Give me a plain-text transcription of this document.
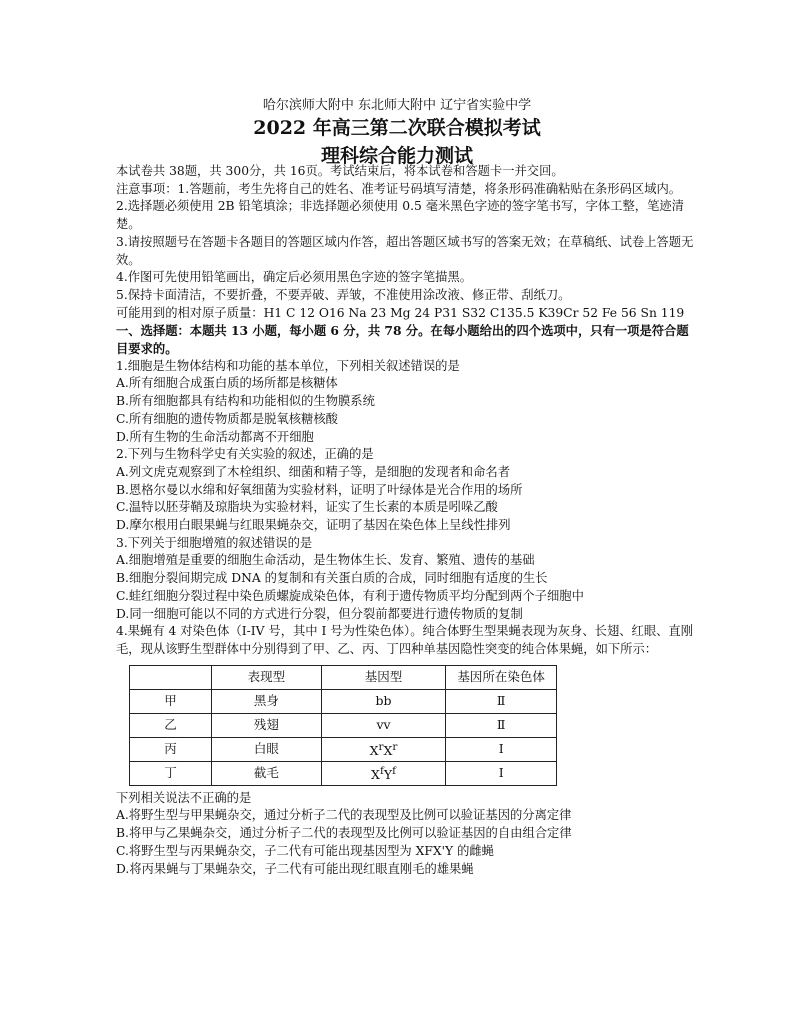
哈尔滨师大附中 东北师大附中 辽宁省实验中学
2022 年高三第二次联合模拟考试
理科综合能力测试

本试卷共 38题，共 300分，共 16页。考试结束后，将本试卷和答题卡一并交回。

注意事项：1.答题前，考生先将自己的姓名、准考证号码填写清楚，将条形码准确粘贴在条形码区域内。

2.选择题必须使用 2B 铅笔填涂；非选择题必须使用 0.5 毫米黑色字迹的签字笔书写，字体工整，笔迹清楚。

3.请按照题号在答题卡各题目的答题区域内作答，超出答题区域书写的答案无效；在草稿纸、试卷上答题无效。

4.作图可先使用铅笔画出，确定后必须用黑色字迹的签字笔描黑。

5.保持卡面清洁，不要折叠，不要弄破、弄皱，不准使用涂改液、修正带、刮纸刀。

可能用到的相对原子质量：H1 C 12 O16 Na 23 Mg 24 P31 S32 C135.5 K39Cr 52 Fe 56 Sn 119

一、选择题：本题共 13 小题，每小题 6 分，共 78 分。在每小题给出的四个选项中，只有一项是符合题目要求的。

1.细胞是生物体结构和功能的基本单位，下列相关叙述错误的是

A.所有细胞合成蛋白质的场所都是核糖体

B.所有细胞都具有结构和功能相似的生物膜系统

C.所有细胞的遗传物质都是脱氧核糖核酸

D.所有生物的生命活动都离不开细胞

2.下列与生物科学史有关实验的叙述，正确的是

A.列文虎克观察到了木栓组织、细菌和精子等，是细胞的发现者和命名者

B.恩格尔曼以水绵和好氧细菌为实验材料，证明了叶绿体是光合作用的场所

C.温特以胚芽鞘及琼脂块为实验材料，证实了生长素的本质是吲哚乙酸

D.摩尔根用白眼果蝇与红眼果蝇杂交，证明了基因在染色体上呈线性排列

3.下列关于细胞增殖的叙述错误的是

A.细胞增殖是重要的细胞生命活动，是生物体生长、发育、繁殖、遗传的基础

B.细胞分裂间期完成 DNA 的复制和有关蛋白质的合成，同时细胞有适度的生长

C.蛙红细胞分裂过程中染色质螺旋成染色体，有利于遗传物质平均分配到两个子细胞中

D.同一细胞可能以不同的方式进行分裂，但分裂前都要进行遗传物质的复制

4.果蝇有 4 对染色体（I-IV 号，其中 I 号为性染色体）。纯合体野生型果蝇表现为灰身、长翅、红眼、直刚毛，现从该野生型群体中分别得到了甲、乙、丙、丁四种单基因隐性突变的纯合体果蝇，如下所示：

	表现型	基因型	基因所在染色体
甲	黑身	bb	Ⅱ
乙	残翅	vv	Ⅱ
丙	白眼	$X^rX^r$	I
丁	截毛	$X^fY^f$	I

下列相关说法不正确的是

A.将野生型与甲果蝇杂交，通过分析子二代的表现型及比例可以验证基因的分离定律

B.将甲与乙果蝇杂交，通过分析子二代的表现型及比例可以验证基因的自由组合定律

C.将野生型与丙果蝇杂交，子二代有可能出现基因型为 XFX'Y 的雌蝇

D.将丙果蝇与丁果蝇杂交，子二代有可能出现红眼直刚毛的雄果蝇
